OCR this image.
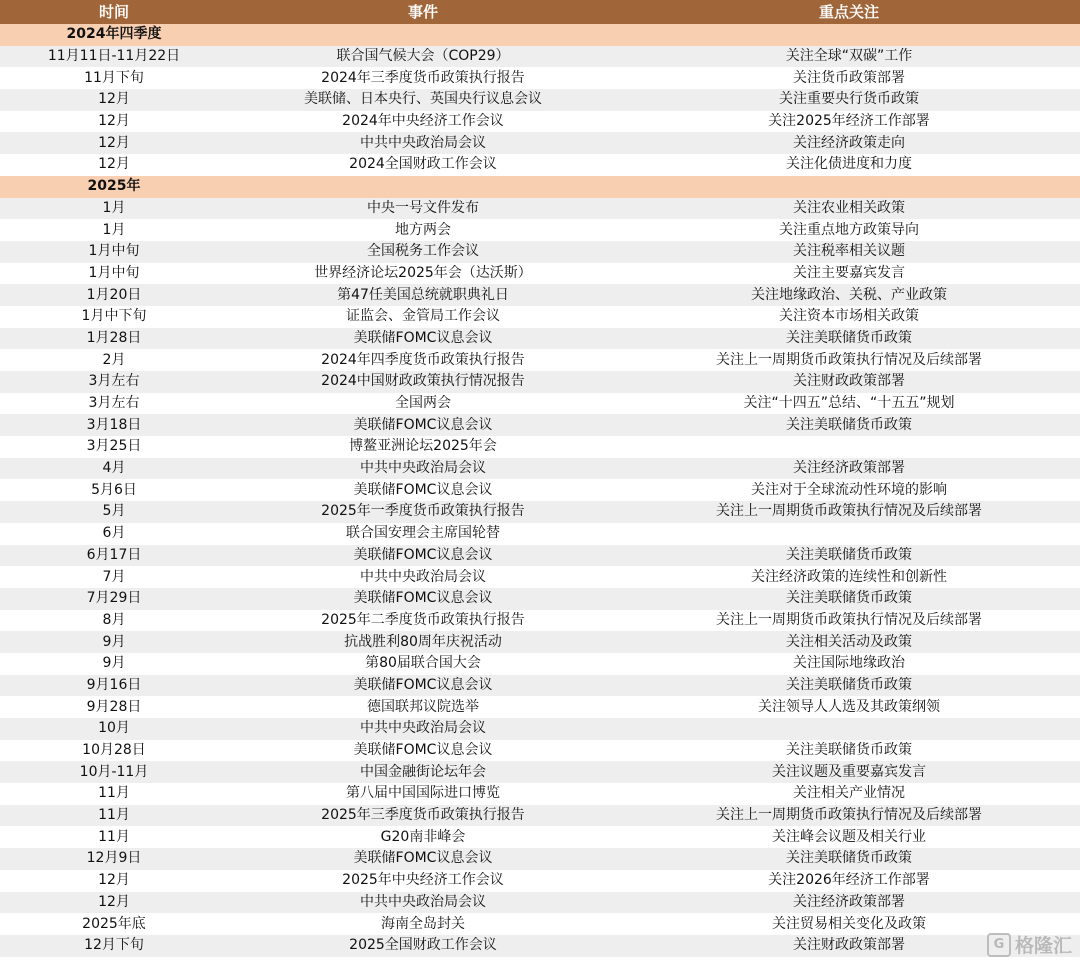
时间	事件	重点关注
2024年四季度		
11月11日-11月22日	联合国气候大会（COP29）	关注全球“双碳”工作
11月下旬	2024年三季度货币政策执行报告	关注货币政策部署
12月	美联储、日本央行、英国央行议息会议	关注重要央行货币政策
12月	2024年中央经济工作会议	关注2025年经济工作部署
12月	中共中央政治局会议	关注经济政策走向
12月	2024全国财政工作会议	关注化债进度和力度
2025年		
1月	中央一号文件发布	关注农业相关政策
1月	地方两会	关注重点地方政策导向
1月中旬	全国税务工作会议	关注税率相关议题
1月中旬	世界经济论坛2025年会（达沃斯）	关注主要嘉宾发言
1月20日	第47任美国总统就职典礼日	关注地缘政治、关税、产业政策
1月中下旬	证监会、金管局工作会议	关注资本市场相关政策
1月28日	美联储FOMC议息会议	关注美联储货币政策
2月	2024年四季度货币政策执行报告	关注上一周期货币政策执行情况及后续部署
3月左右	2024中国财政政策执行情况报告	关注财政政策部署
3月左右	全国两会	关注“十四五”总结、“十五五”规划
3月18日	美联储FOMC议息会议	关注美联储货币政策
3月25日	博鳌亚洲论坛2025年会	
4月	中共中央政治局会议	关注经济政策部署
5月6日	美联储FOMC议息会议	关注对于全球流动性环境的影响
5月	2025年一季度货币政策执行报告	关注上一周期货币政策执行情况及后续部署
6月	联合国安理会主席国轮替	
6月17日	美联储FOMC议息会议	关注美联储货币政策
7月	中共中央政治局会议	关注经济政策的连续性和创新性
7月29日	美联储FOMC议息会议	关注美联储货币政策
8月	2025年二季度货币政策执行报告	关注上一周期货币政策执行情况及后续部署
9月	抗战胜利80周年庆祝活动	关注相关活动及政策
9月	第80届联合国大会	关注国际地缘政治
9月16日	美联储FOMC议息会议	关注美联储货币政策
9月28日	德国联邦议院选举	关注领导人人选及其政策纲领
10月	中共中央政治局会议	
10月28日	美联储FOMC议息会议	关注美联储货币政策
10月-11月	中国金融街论坛年会	关注议题及重要嘉宾发言
11月	第八届中国国际进口博览	关注相关产业情况
11月	2025年三季度货币政策执行报告	关注上一周期货币政策执行情况及后续部署
11月	G20南非峰会	关注峰会议题及相关行业
12月9日	美联储FOMC议息会议	关注美联储货币政策
12月	2025年中央经济工作会议	关注2026年经济工作部署
12月	中共中央政治局会议	关注经济政策部署
2025年底	海南全岛封关	关注贸易相关变化及政策
12月下旬	2025全国财政工作会议	关注财政政策部署	G 格隆汇
